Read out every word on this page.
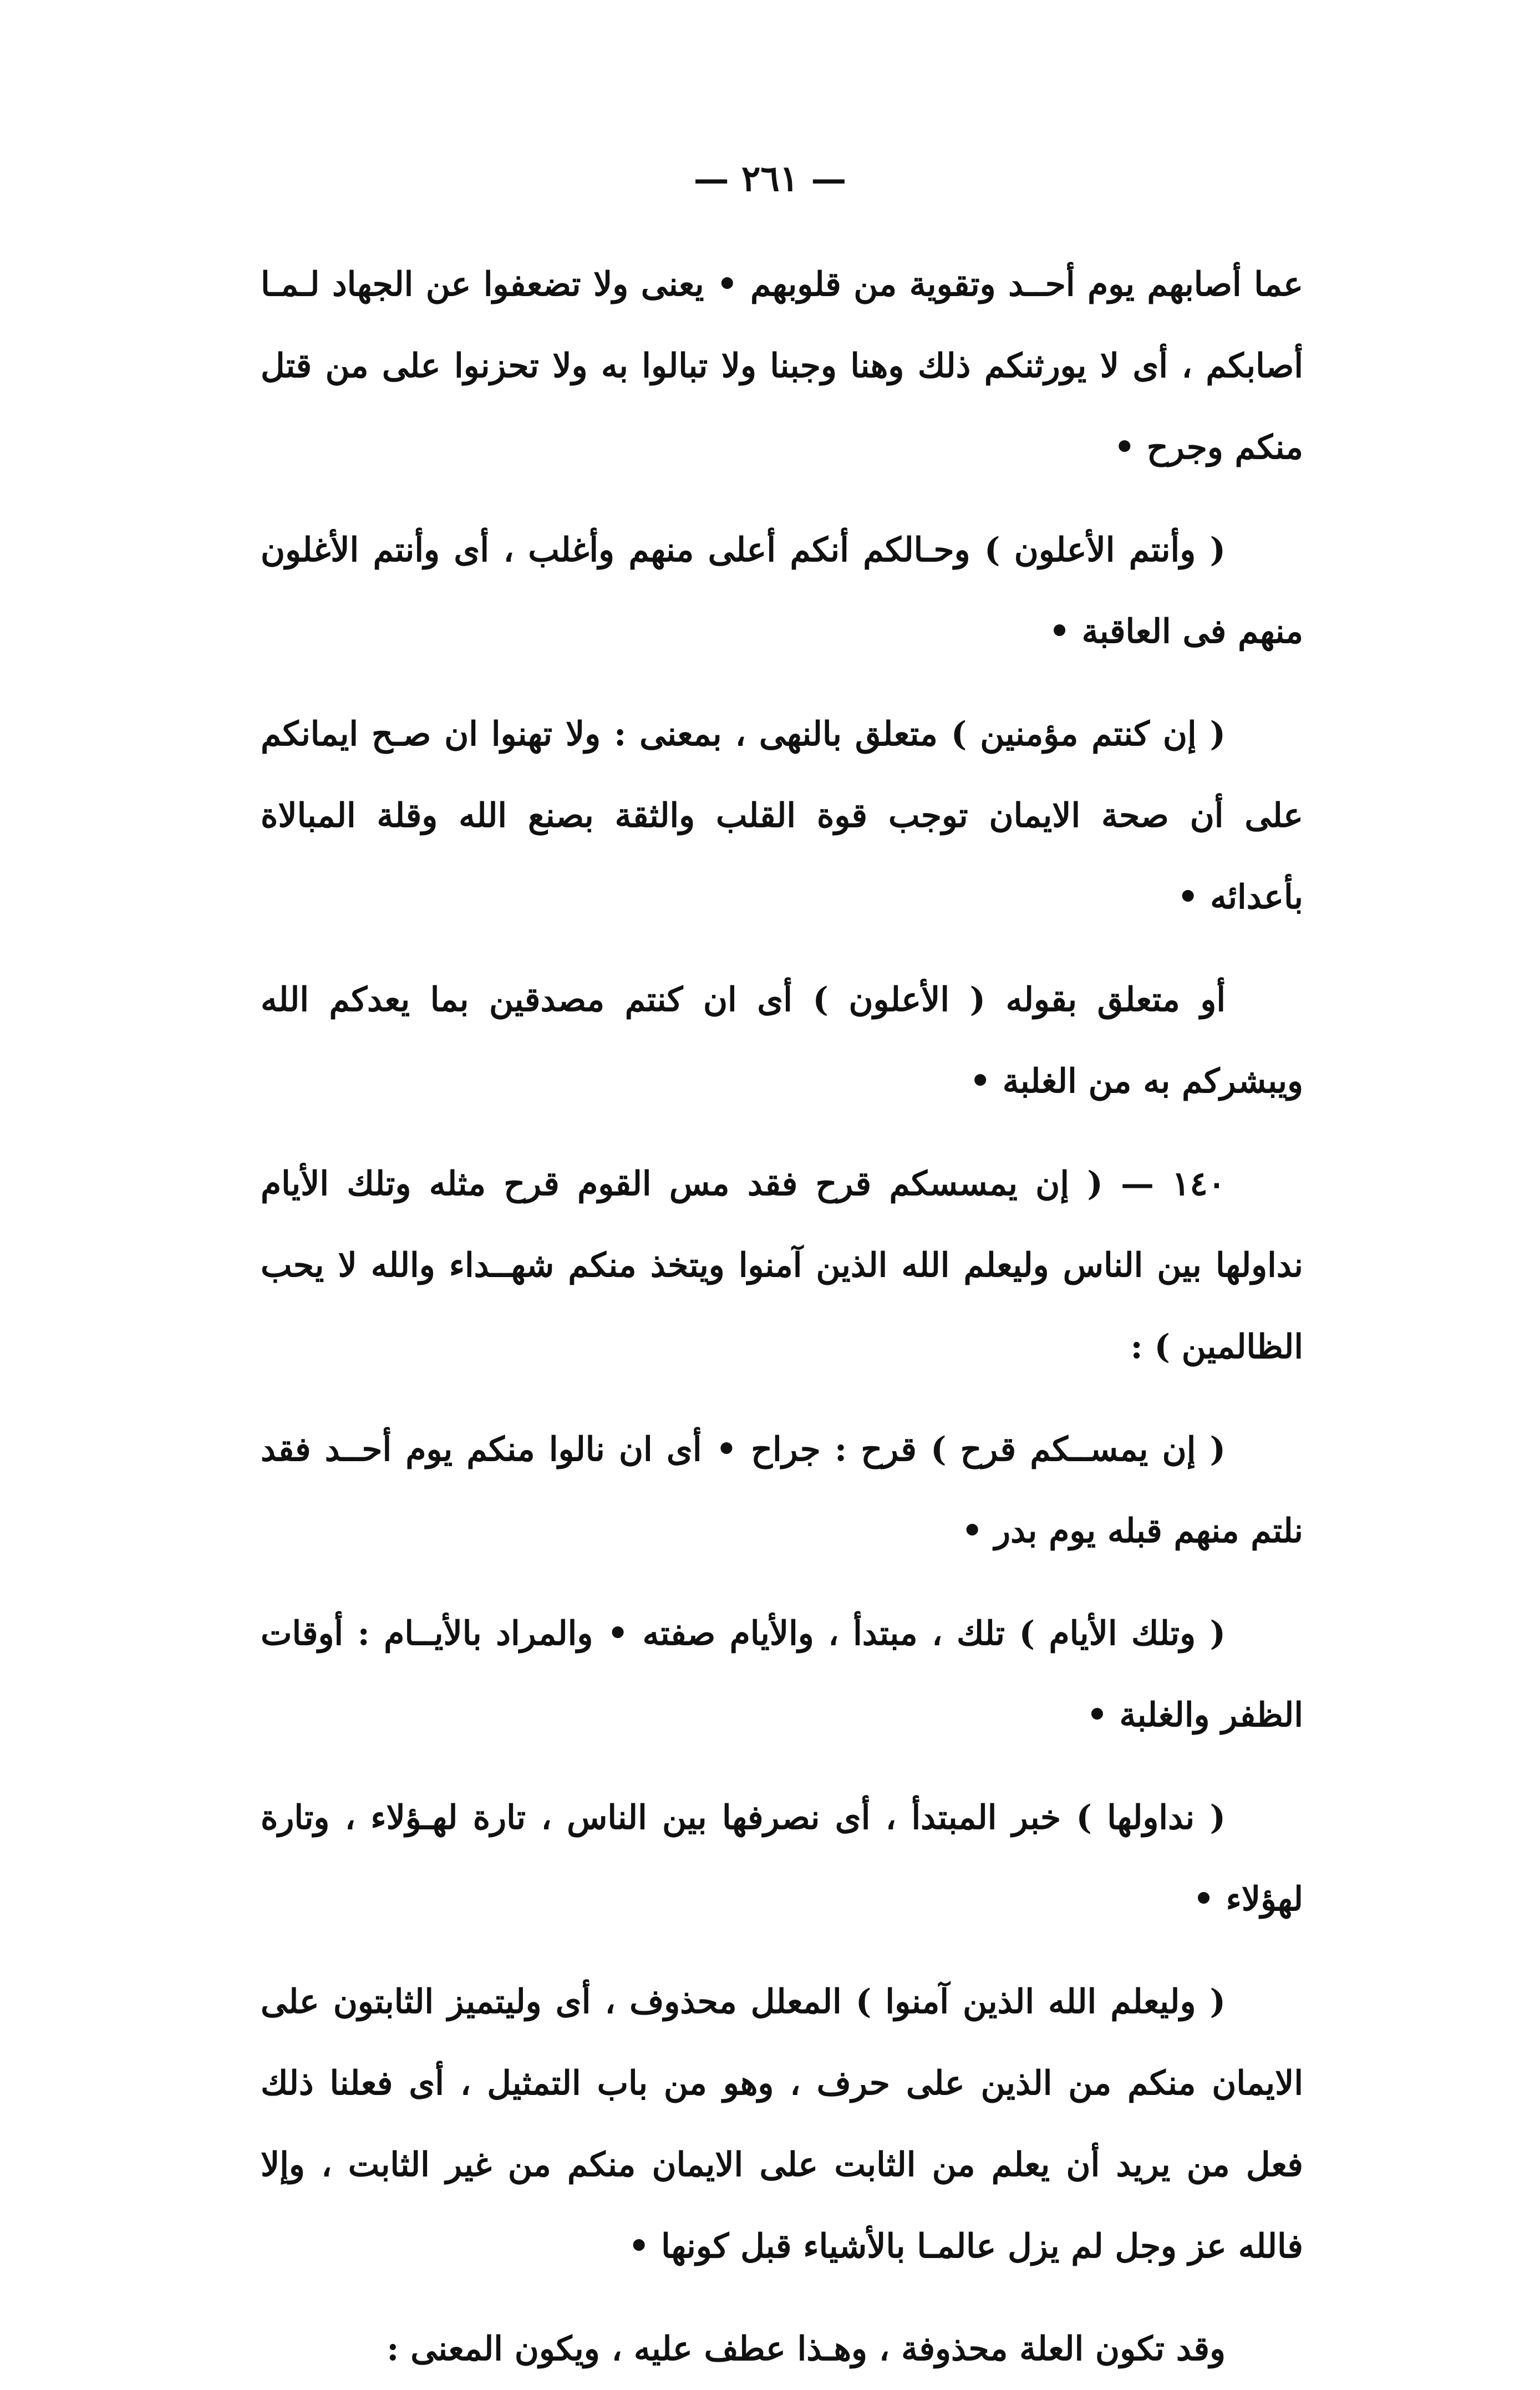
— ٢٦١ —

عما أصابهم يوم أحــد وتقوية من قلوبهم • يعنى ولا تضعفوا عن الجهاد لـمـا أصابكم ، أى لا يورثنكم ذلك وهنا وجبنا ولا تبالوا به ولا تحزنوا على من قتل منكم وجرح •

( وأنتم الأعلون ) وحـالكم أنكم أعلى منهم وأغلب ، أى وأنتم الأغلون منهم فى العاقبة •

( إن كنتم مؤمنين ) متعلق بالنهى ، بمعنى : ولا تهنوا ان صـح ايمانكم على أن صحة الايمان توجب قوة القلب والثقة بصنع الله وقلة المبالاة بأعدائه •

أو متعلق بقوله ( الأعلون ) أى ان كنتم مصدقين بما يعدكم الله ويبشركم به من الغلبة •

١٤٠ — ( إن يمسسكم قرح فقد مس القوم قرح مثله وتلك الأيام نداولها بين الناس وليعلم الله الذين آمنوا ويتخذ منكم شهــداء والله لا يحب الظالمين ) :

( إن يمســكم قرح ) قرح : جراح • أى ان نالوا منكم يوم أحــد فقد نلتم منهم قبله يوم بدر •

( وتلك الأيام ) تلك ، مبتدأ ، والأيام صفته • والمراد بالأيــام : أوقات الظفر والغلبة •

( نداولها ) خبر المبتدأ ، أى نصرفها بين الناس ، تارة لهـؤلاء ، وتارة لهؤلاء •

( وليعلم الله الذين آمنوا ) المعلل محذوف ، أى وليتميز الثابتون على الايمان منكم من الذين على حرف ، وهو من باب التمثيل ، أى فعلنا ذلك فعل من يريد أن يعلم من الثابت على الايمان منكم من غير الثابت ، وإلا فالله عز وجل لم يزل عالمـا بالأشياء قبل كونها •

وقد تكون العلة محذوفة ، وهـذا عطف عليه ، ويكون المعنى :
